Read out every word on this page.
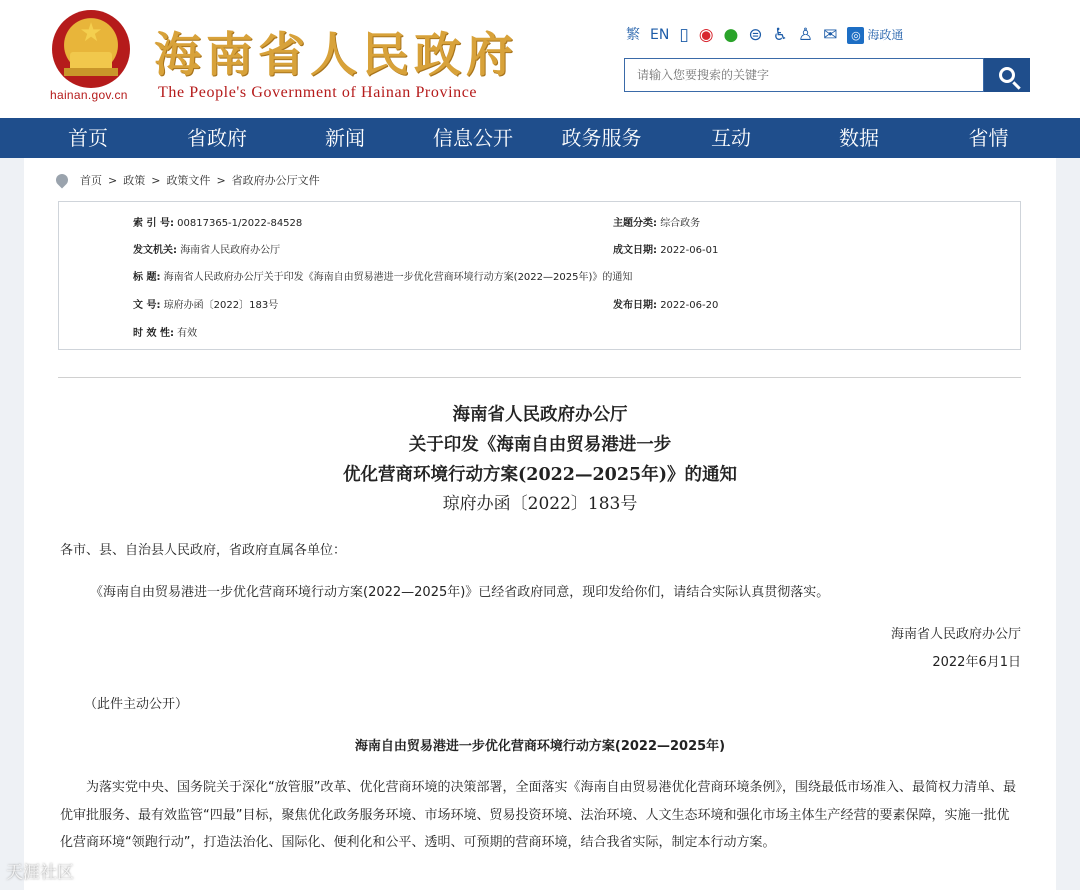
★
hainan.gov.cn
海南省人民政府
The People's Government of Hainan Province
繁 EN ▯ ◉ ● ⊜ ♿ ♙ ✉	◎ 海政通
请输入您要搜索的关键字
首页	省政府	新闻	信息公开	政务服务	互动	数据	省情
首页 > 政策 > 政策文件 > 省政府办公厅文件
索 引 号: 00817365-1/2022-84528	主题分类: 综合政务
发文机关: 海南省人民政府办公厅	成文日期: 2022-06-01
标 题: 海南省人民政府办公厅关于印发《海南自由贸易港进一步优化营商环境行动方案(2022—2025年)》的通知
文 号: 琼府办函〔2022〕183号	发布日期: 2022-06-20
时 效 性: 有效
海南省人民政府办公厅
关于印发《海南自由贸易港进一步
优化营商环境行动方案(2022—2025年)》的通知
琼府办函〔2022〕183号
各市、县、自治县人民政府，省政府直属各单位：
《海南自由贸易港进一步优化营商环境行动方案(2022—2025年)》已经省政府同意，现印发给你们，请结合实际认真贯彻落实。
海南省人民政府办公厅
2022年6月1日
（此件主动公开）
海南自由贸易港进一步优化营商环境行动方案(2022—2025年)
为落实党中央、国务院关于深化“放管服”改革、优化营商环境的决策部署，全面落实《海南自由贸易港优化营商环境条例》，围绕最低市场准入、最简权力清单、最优审批服务、最有效监管“四最”目标，聚焦优化政务服务环境、市场环境、贸易投资环境、法治环境、人文生态环境和强化市场主体生产经营的要素保障，实施一批优化营商环境“领跑行动”，打造法治化、国际化、便利化和公平、透明、可预期的营商环境，结合我省实际，制定本行动方案。
天涯社区
